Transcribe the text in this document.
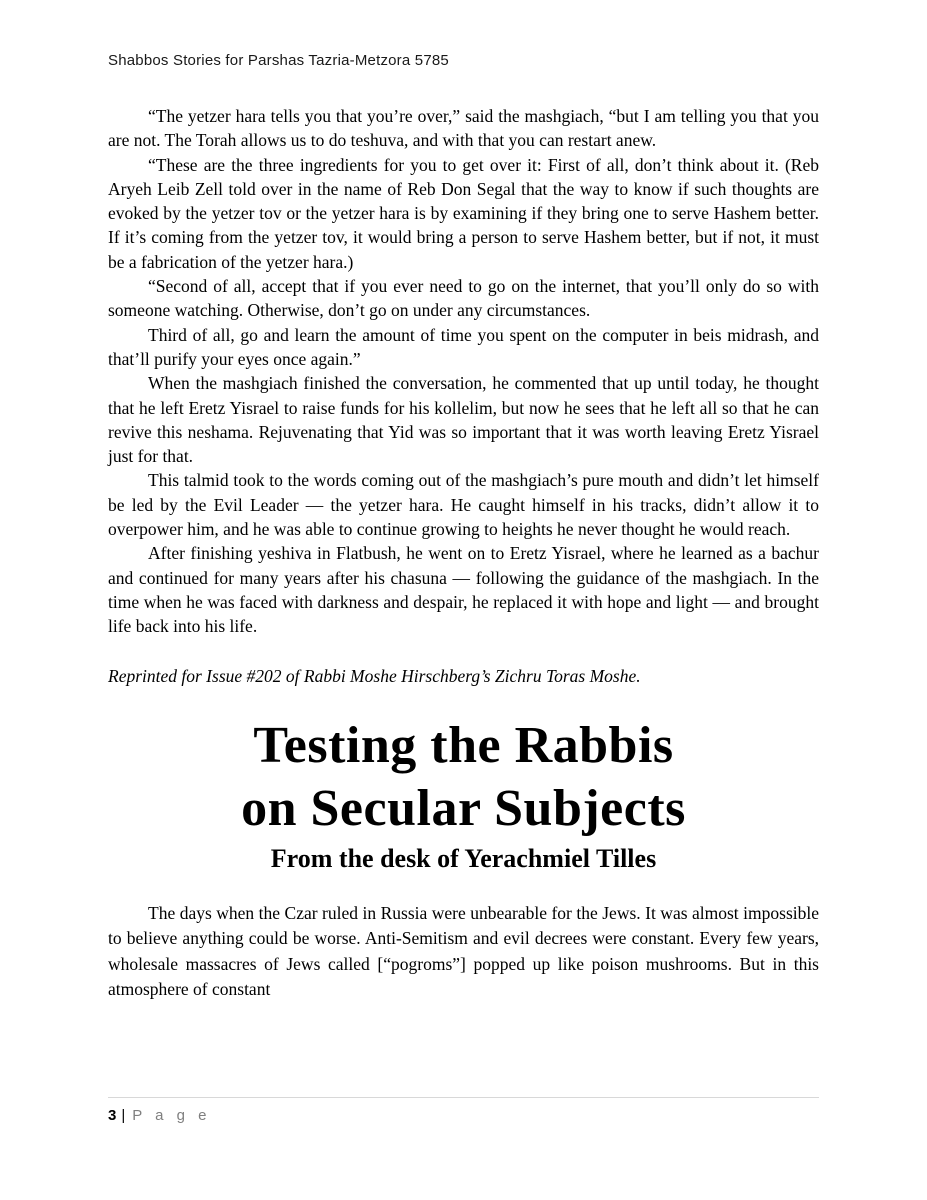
Shabbos Stories for Parshas Tazria-Metzora 5785

“The yetzer hara tells you that you’re over,” said the mashgiach, “but I am telling you that you are not. The Torah allows us to do teshuva, and with that you can restart anew.

“These are the three ingredients for you to get over it: First of all, don’t think about it. (Reb Aryeh Leib Zell told over in the name of Reb Don Segal that the way to know if such thoughts are evoked by the yetzer tov or the yetzer hara is by examining if they bring one to serve Hashem better. If it’s coming from the yetzer tov, it would bring a person to serve Hashem better, but if not, it must be a fabrication of the yetzer hara.)

“Second of all, accept that if you ever need to go on the internet, that you’ll only do so with someone watching. Otherwise, don’t go on under any circumstances.

Third of all, go and learn the amount of time you spent on the computer in beis midrash, and that’ll purify your eyes once again.”

When the mashgiach finished the conversation, he commented that up until today, he thought that he left Eretz Yisrael to raise funds for his kollelim, but now he sees that he left all so that he can revive this neshama. Rejuvenating that Yid was so important that it was worth leaving Eretz Yisrael just for that.

This talmid took to the words coming out of the mashgiach’s pure mouth and didn’t let himself be led by the Evil Leader — the yetzer hara. He caught himself in his tracks, didn’t allow it to overpower him, and he was able to continue growing to heights he never thought he would reach.

After finishing yeshiva in Flatbush, he went on to Eretz Yisrael, where he learned as a bachur and continued for many years after his chasuna — following the guidance of the mashgiach. In the time when he was faced with darkness and despair, he replaced it with hope and light — and brought life back into his life.

Reprinted for Issue #202 of Rabbi Moshe Hirschberg’s Zichru Toras Moshe.

Testing the Rabbis
on Secular Subjects
From the desk of Yerachmiel Tilles

The days when the Czar ruled in Russia were unbearable for the Jews. It was almost impossible to believe anything could be worse. Anti-Semitism and evil decrees were constant. Every few years, wholesale massacres of Jews called [“pogroms”] popped up like poison mushrooms. But in this atmosphere of constant

3 | P a g e
